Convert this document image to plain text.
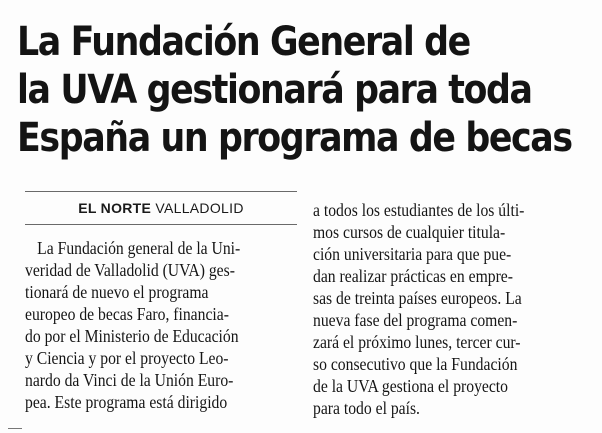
La Fundación General de
la UVA gestionará para toda
España un programa de becas
EL NORTE VALLADOLID
La Fundación general de la Uni-
veridad de Valladolid (UVA) ges-
tionará de nuevo el programa
europeo de becas Faro, financia-
do por el Ministerio de Educación
y Ciencia y por el proyecto Leo-
nardo da Vinci de la Unión Euro-
pea. Este programa está dirigido
a todos los estudiantes de los últi-
mos cursos de cualquier titula-
ción universitaria para que pue-
dan realizar prácticas en empre-
sas de treinta países europeos. La
nueva fase del programa comen-
zará el próximo lunes, tercer cur-
so consecutivo que la Fundación
de la UVA gestiona el proyecto
para todo el país.
